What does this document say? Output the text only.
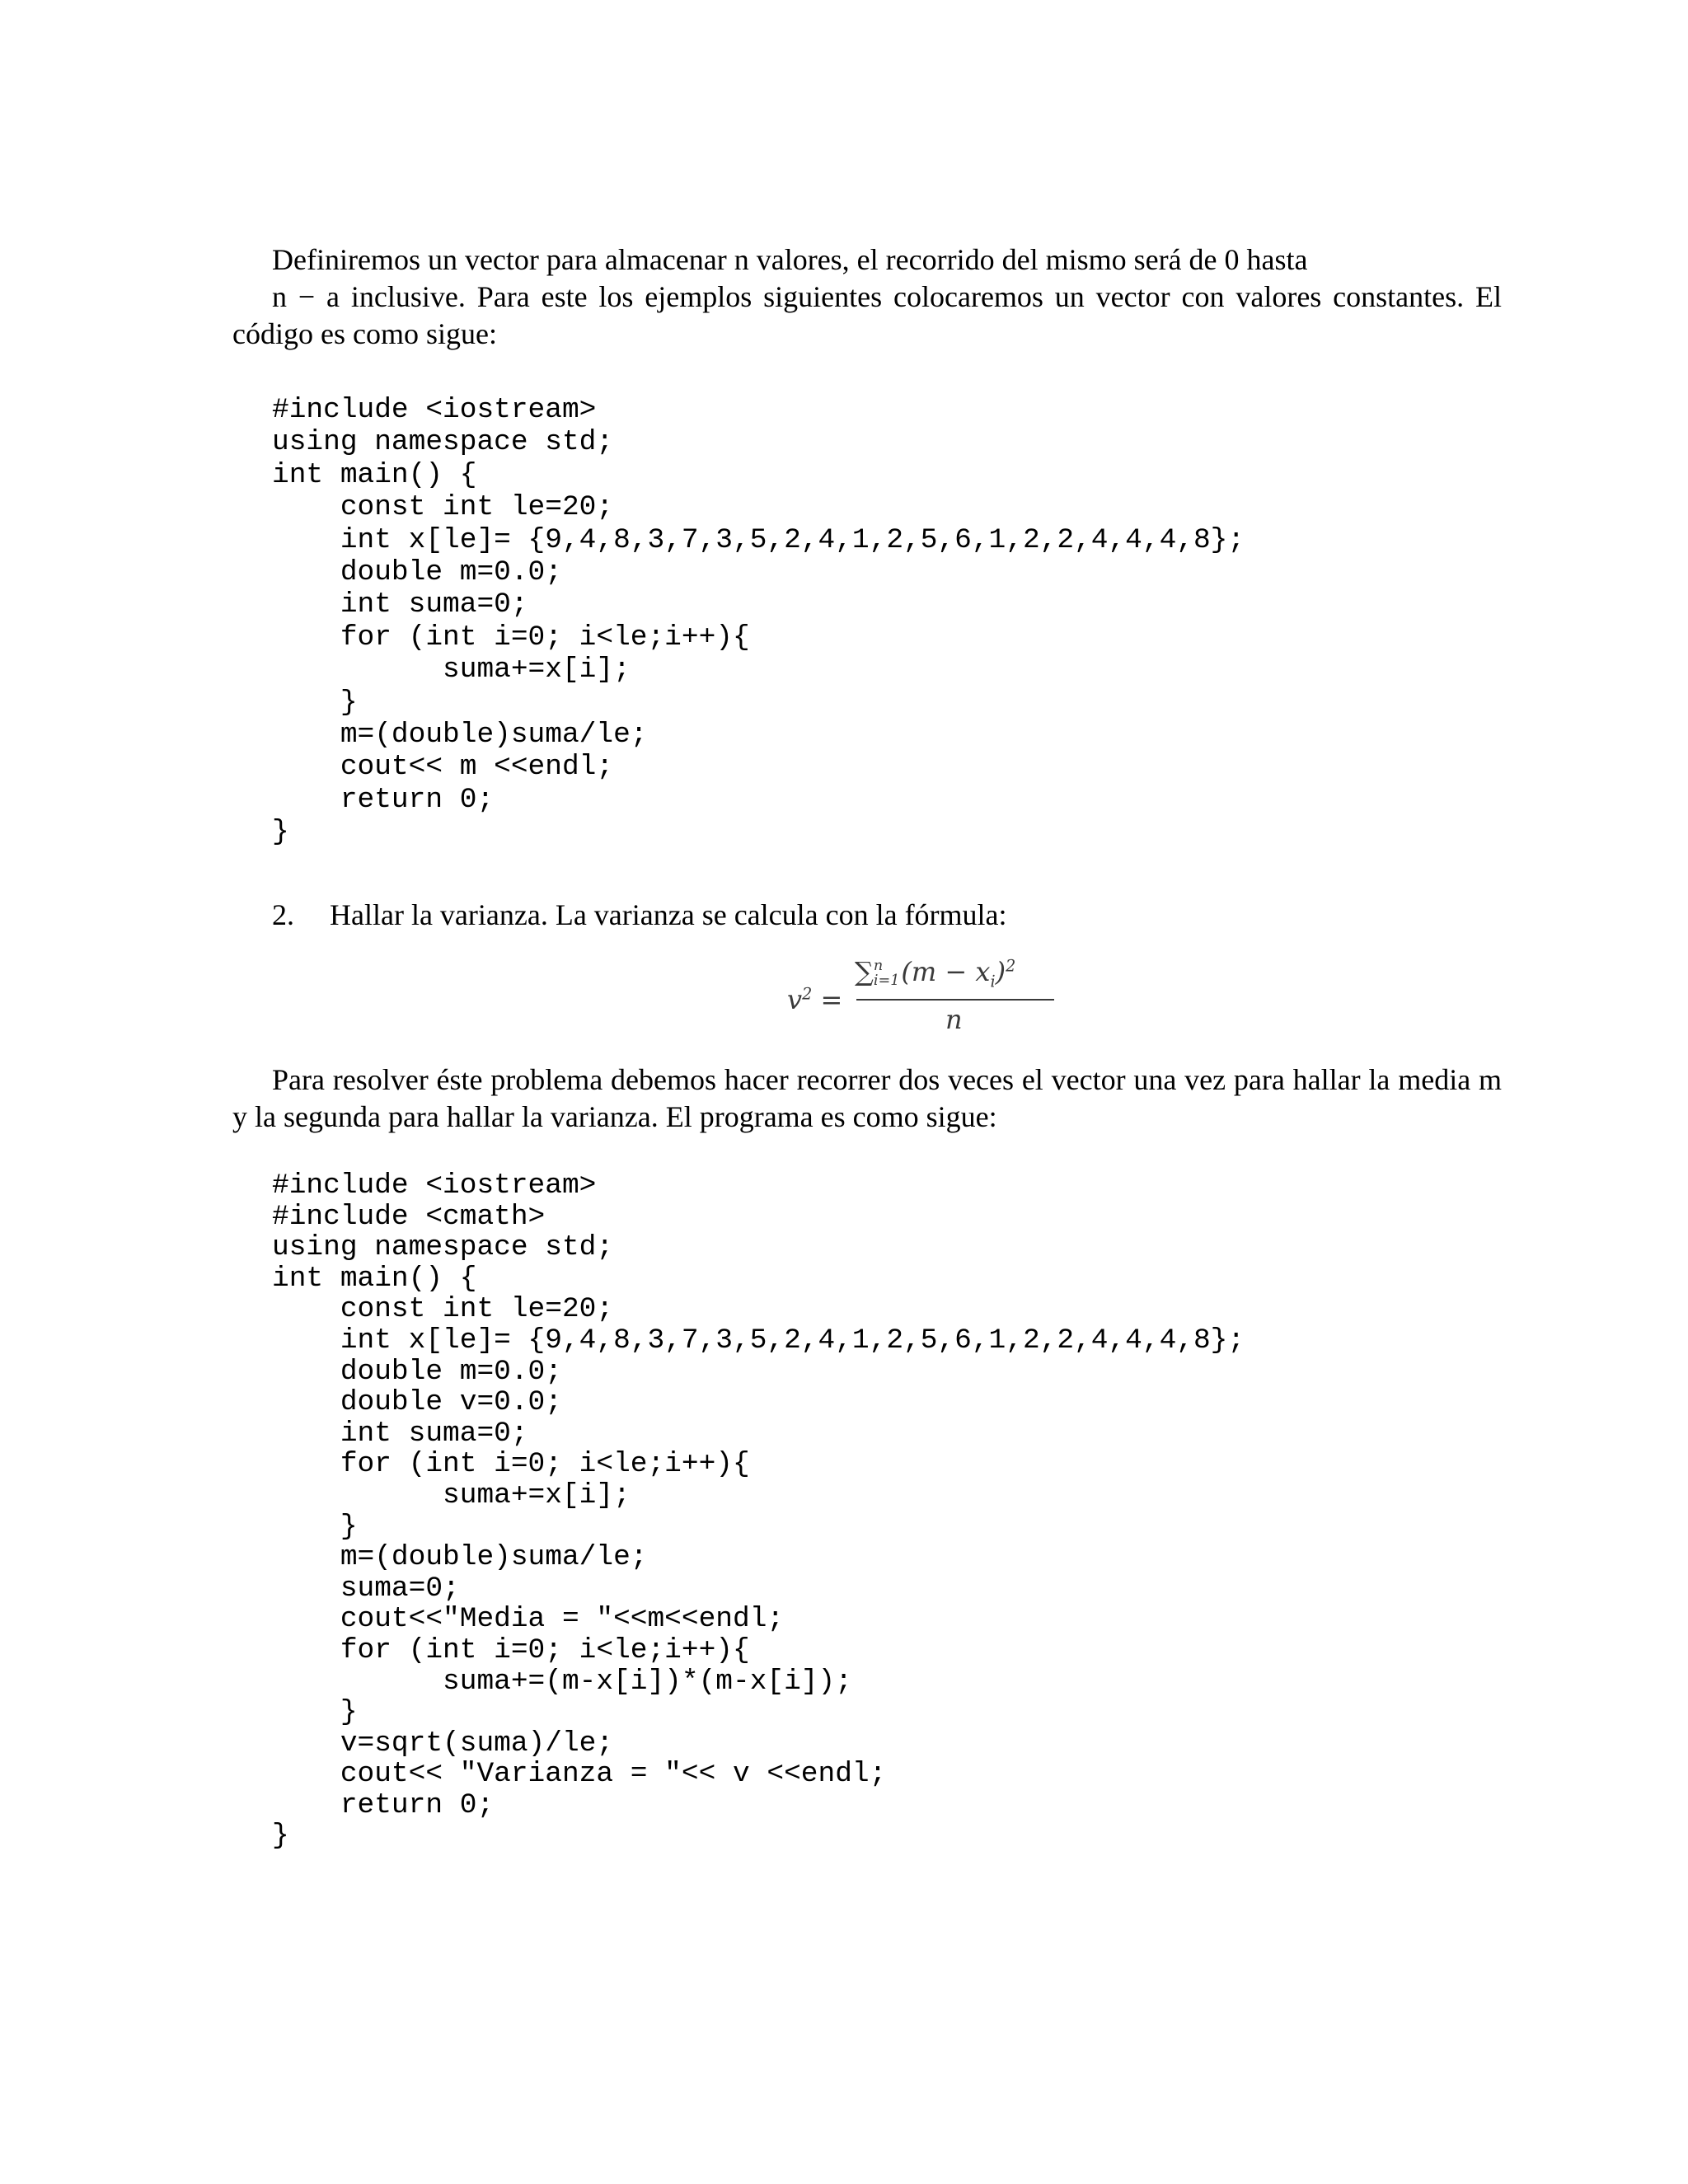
Definiremos un vector para almacenar n valores, el recorrido del mismo será de 0 hasta
n − a inclusive. Para este los ejemplos siguientes colocaremos un vector con valores constantes. El
código es como sigue:
#include <iostream>
using namespace std;
int main() {
const int le=20;
int x[le]= {9,4,8,3,7,3,5,2,4,1,2,5,6,1,2,2,4,4,4,8};
double m=0.0;
int suma=0;
for (int i=0; i<le;i++){
suma+=x[i];
}
m=(double)suma/le;
cout<< m <<endl;
return 0;
}
2. Hallar la varianza. La varianza se calcula con la fórmula:
$v^2$ =
∑ n
i=1 $(m - x_i)^2$
n
Para resolver éste problema debemos hacer recorrer dos veces el vector una vez para hallar la media m
y la segunda para hallar la varianza. El programa es como sigue:
#include <iostream>
#include <cmath>
using namespace std;
int main() {
const int le=20;
int x[le]= {9,4,8,3,7,3,5,2,4,1,2,5,6,1,2,2,4,4,4,8};
double m=0.0;
double v=0.0;
int suma=0;
for (int i=0; i<le;i++){
suma+=x[i];
}
m=(double)suma/le;
suma=0;
cout<<"Media = "<<m<<endl;
for (int i=0; i<le;i++){
suma+=(m-x[i])*(m-x[i]);
}
v=sqrt(suma)/le;
cout<< "Varianza = "<< v <<endl;
return 0;
}
